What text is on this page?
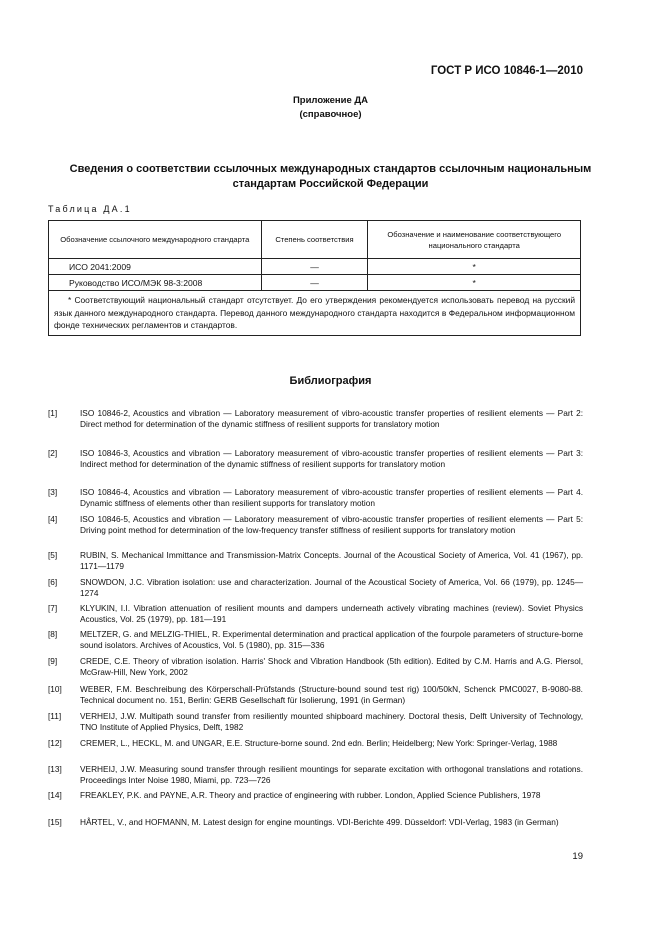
ГОСТ Р ИСО 10846-1—2010
Приложение ДА
(справочное)
Сведения о соответствии ссылочных международных стандартов ссылочным национальным стандартам Российской Федерации
Таблица ДА.1
Обозначение ссылочного международного стандарта	Степень соответствия	Обозначение и наименование соответствующего национального стандарта
ИСО 2041:2009	—	*
Руководство ИСО/МЭК 98-3:2008	—	*

* Соответствующий национальный стандарт отсутствует. До его утверждения рекомендуется использовать перевод на русский язык данного международного стандарта. Перевод данного международного стандарта находится в Федеральном информационном фонде технических регламентов и стандартов.		

Библиография
[1]	ISO 10846-2, Acoustics and vibration — Laboratory measurement of vibro-acoustic transfer properties of resilient elements — Part 2: Direct method for determination of the dynamic stiffness of resilient supports for translatory motion
[2]	ISO 10846-3, Acoustics and vibration — Laboratory measurement of vibro-acoustic transfer properties of resilient elements — Part 3: Indirect method for determination of the dynamic stiffness of resilient supports for translatory motion
[3]	ISO 10846-4, Acoustics and vibration — Laboratory measurement of vibro-acoustic transfer properties of resilient elements — Part 4. Dynamic stiffness of elements other than resilient supports for translatory motion
[4]	ISO 10846-5, Acoustics and vibration — Laboratory measurement of vibro-acoustic transfer properties of resilient elements — Part 5: Driving point method for determination of the low-frequency transfer stiffness of resilient supports for translatory motion
[5]	RUBIN, S. Mechanical Immittance and Transmission-Matrix Concepts. Journal of the Acoustical Society of America, Vol. 41 (1967), pp. 1171—1179
[6]	SNOWDON, J.C. Vibration isolation: use and characterization. Journal of the Acoustical Society of America, Vol. 66 (1979), pp. 1245—1274
[7]	KLYUKIN, I.I. Vibration attenuation of resilient mounts and dampers underneath actively vibrating machines (review). Soviet Physics Acoustics, Vol. 25 (1979), pp. 181—191
[8]	MELTZER, G. and MELZIG-THIEL, R. Experimental determination and practical application of the fourpole parameters of structure-borne sound isolators. Archives of Acoustics, Vol. 5 (1980), pp. 315—336
[9]	CREDE, C.E. Theory of vibration isolation. Harris' Shock and Vibration Handbook (5th edition). Edited by C.M. Harris and A.G. Piersol, McGraw-Hill, New York, 2002
[10] WEBER, F.M. Beschreibung des Körperschall-Prüfstands (Structure-bound sound test rig) 100/50kN, Schenck PMC0027, B-9080-88. Technical document no. 151, Berlin: GERB Gesellschaft für Isolierung, 1991 (in German)
[11] VERHEIJ, J.W. Multipath sound transfer from resiliently mounted shipboard machinery. Doctoral thesis, Delft University of Technology, TNO Institute of Applied Physics, Delft, 1982
[12] CREMER, L., HECKL, M. and UNGAR, E.E. Structure-borne sound. 2nd edn. Berlin; Heidelberg; New York: Springer-Verlag, 1988
[13] VERHEIJ, J.W. Measuring sound transfer through resilient mountings for separate excitation with orthogonal translations and rotations. Proceedings Inter Noise 1980, Miami, pp. 723—726
[14] FREAKLEY, P.K. and PAYNE, A.R. Theory and practice of engineering with rubber. London, Applied Science Publishers, 1978
[15] HÅRTEL, V., and HOFMANN, M. Latest design for engine mountings. VDI-Berichte 499. Düsseldorf: VDI-Verlag, 1983 (in German)
19
